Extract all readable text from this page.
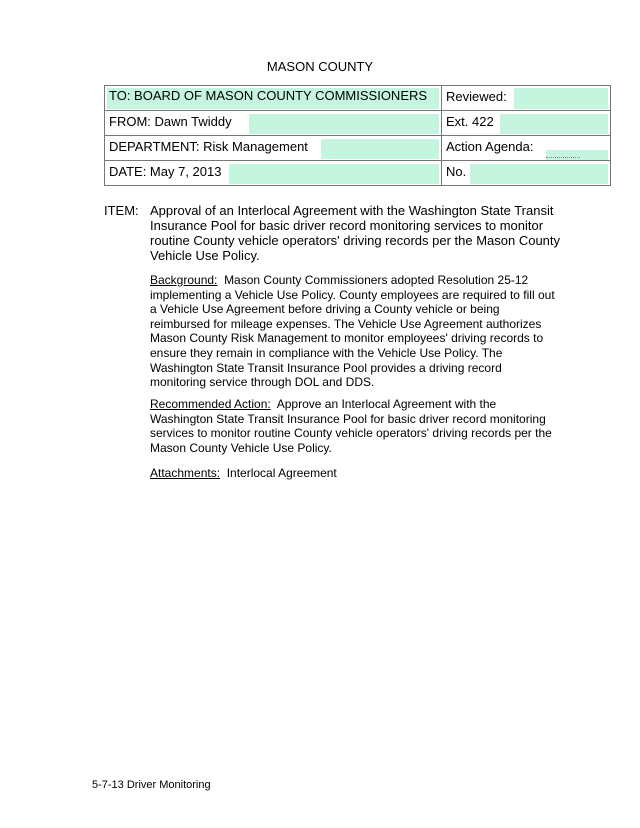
MASON COUNTY
TO: BOARD OF MASON COUNTY COMMISSIONERS	Reviewed:

FROM: Dawn Twiddy	Ext. 422

DEPARTMENT: Risk Management	Action Agenda:

DATE: May 7, 2013	No.
ITEM: Approval of an Interlocal Agreement with the Washington State Transit Insurance Pool for basic driver record monitoring services to monitor routine County vehicle operators' driving records per the Mason County Vehicle Use Policy.
Background: Mason County Commissioners adopted Resolution 25-12 implementing a Vehicle Use Policy. County employees are required to fill out a Vehicle Use Agreement before driving a County vehicle or being reimbursed for mileage expenses. The Vehicle Use Agreement authorizes Mason County Risk Management to monitor employees' driving records to ensure they remain in compliance with the Vehicle Use Policy. The Washington State Transit Insurance Pool provides a driving record monitoring service through DOL and DDS.
Recommended Action: Approve an Interlocal Agreement with the Washington State Transit Insurance Pool for basic driver record monitoring services to monitor routine County vehicle operators' driving records per the Mason County Vehicle Use Policy.
Attachments: Interlocal Agreement
5-7-13 Driver Monitoring
